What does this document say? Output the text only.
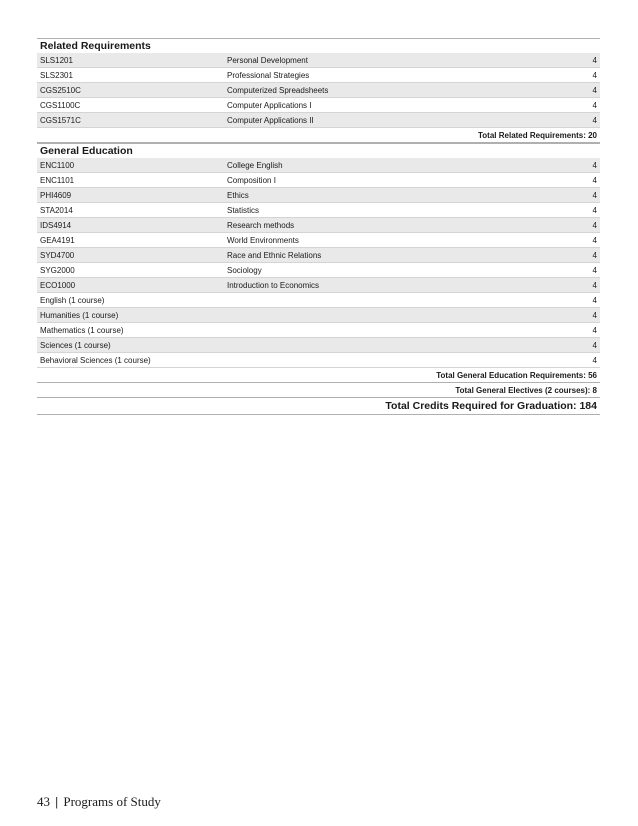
Related Requirements
SLS1201	Personal Development	4
SLS2301	Professional Strategies	4
CGS2510C	Computerized Spreadsheets	4
CGS1100C	Computer Applications I	4
CGS1571C	Computer Applications II	4
Total Related Requirements: 20
General Education
ENC1100	College English	4
ENC1101	Composition I	4
PHI4609	Ethics	4
STA2014	Statistics	4
IDS4914	Research methods	4
GEA4191	World Environments	4
SYD4700	Race and Ethnic Relations	4
SYG2000	Sociology	4
ECO1000	Introduction to Economics	4
English (1 course)	4
Humanities (1 course)	4
Mathematics (1 course)	4
Sciences (1 course)	4
Behavioral Sciences (1 course)	4
Total General Education Requirements: 56
Total General Electives (2 courses): 8
Total Credits Required for Graduation: 184
43 | Programs of Study
